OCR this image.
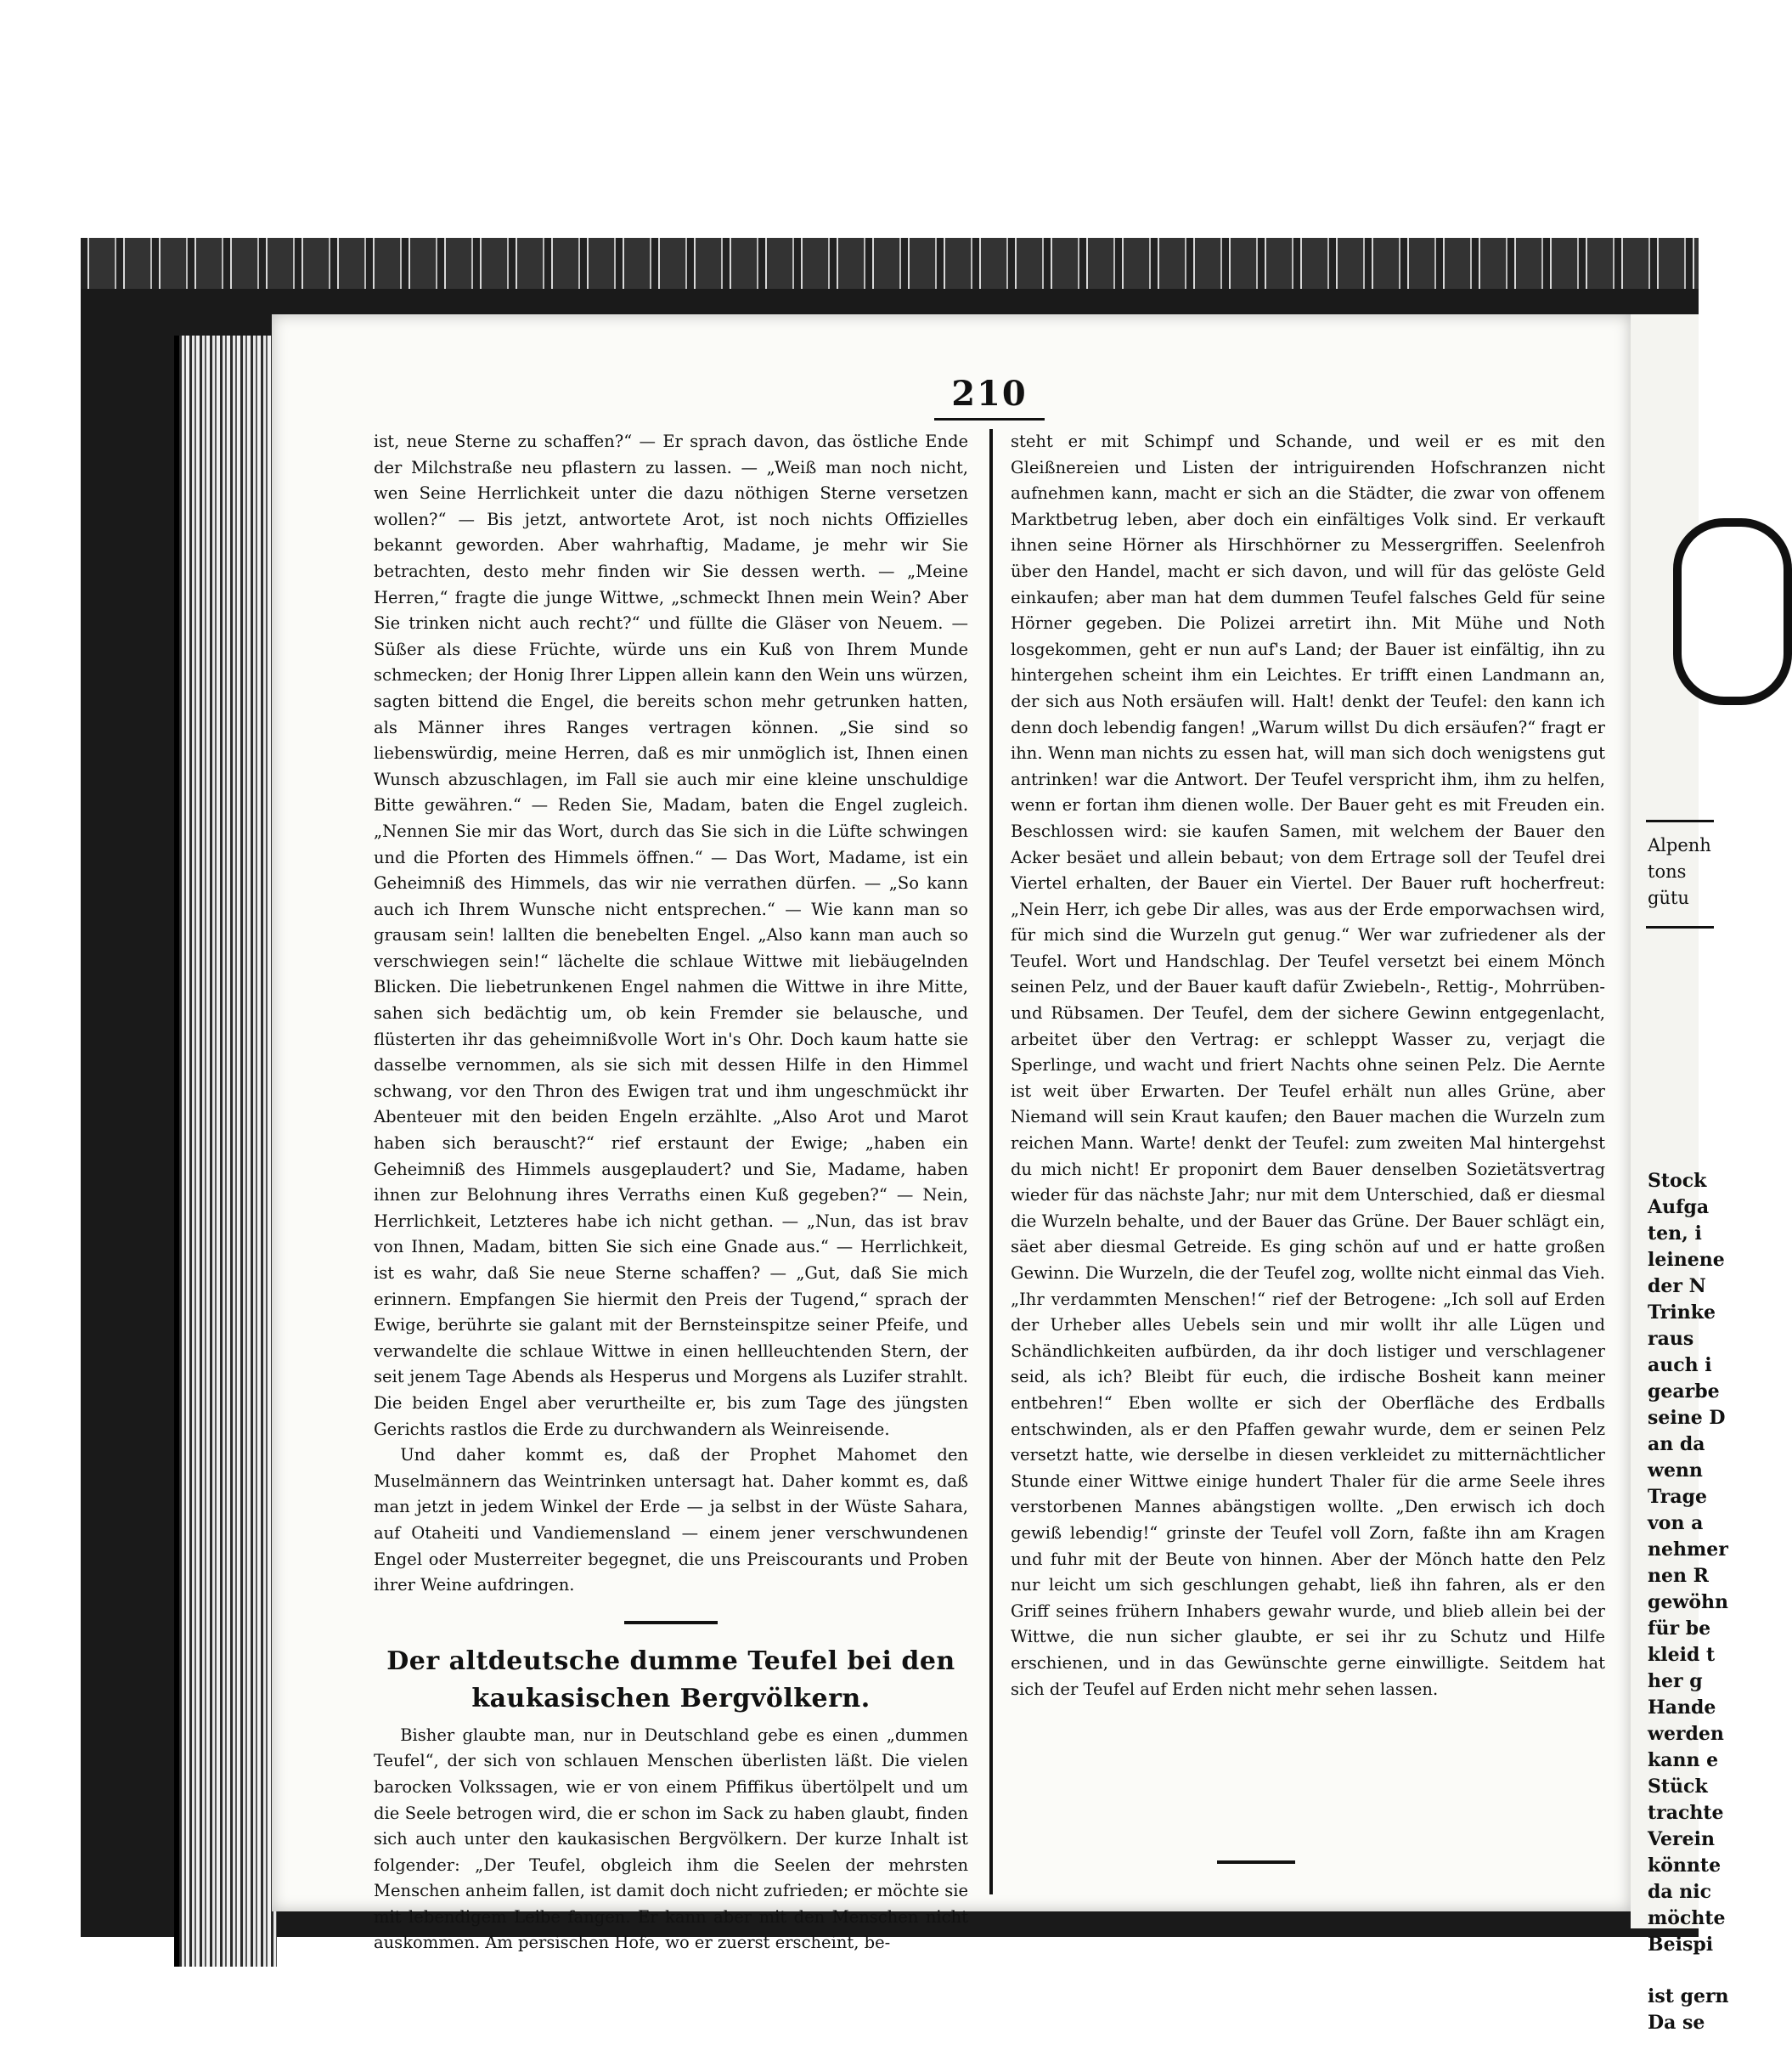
210

ist, neue Sterne zu schaffen?“ — Er sprach davon, das östliche Ende der Milchstraße neu pflastern zu lassen. — „Weiß man noch nicht, wen Seine Herrlichkeit unter die dazu nöthigen Sterne versetzen wollen?“ — Bis jetzt, antwortete Arot, ist noch nichts Offizielles bekannt geworden. Aber wahrhaftig, Madame, je mehr wir Sie betrachten, desto mehr finden wir Sie dessen werth. — „Meine Herren,“ fragte die junge Wittwe, „schmeckt Ihnen mein Wein? Aber Sie trinken nicht auch recht?“ und füllte die Gläser von Neuem. — Süßer als diese Früchte, würde uns ein Kuß von Ihrem Munde schmecken; der Honig Ihrer Lippen allein kann den Wein uns würzen, sagten bittend die Engel, die bereits schon mehr getrunken hatten, als Männer ihres Ranges vertragen können. „Sie sind so liebenswürdig, meine Herren, daß es mir unmöglich ist, Ihnen einen Wunsch abzuschlagen, im Fall sie auch mir eine kleine unschuldige Bitte gewähren.“ — Reden Sie, Madam, baten die Engel zugleich. „Nennen Sie mir das Wort, durch das Sie sich in die Lüfte schwingen und die Pforten des Himmels öffnen.“ — Das Wort, Madame, ist ein Geheimniß des Himmels, das wir nie verrathen dürfen. — „So kann auch ich Ihrem Wunsche nicht entsprechen.“ — Wie kann man so grausam sein! lallten die benebelten Engel. „Also kann man auch so verschwiegen sein!“ lächelte die schlaue Wittwe mit liebäugelnden Blicken. Die liebetrunkenen Engel nahmen die Wittwe in ihre Mitte, sahen sich bedächtig um, ob kein Fremder sie belausche, und flüsterten ihr das geheimnißvolle Wort in's Ohr. Doch kaum hatte sie dasselbe vernommen, als sie sich mit dessen Hilfe in den Himmel schwang, vor den Thron des Ewigen trat und ihm ungeschmückt ihr Abenteuer mit den beiden Engeln erzählte. „Also Arot und Marot haben sich berauscht?“ rief erstaunt der Ewige; „haben ein Geheimniß des Himmels ausgeplaudert? und Sie, Madame, haben ihnen zur Belohnung ihres Verraths einen Kuß gegeben?“ — Nein, Herrlichkeit, Letzteres habe ich nicht gethan. — „Nun, das ist brav von Ihnen, Madam, bitten Sie sich eine Gnade aus.“ — Herrlichkeit, ist es wahr, daß Sie neue Sterne schaffen? — „Gut, daß Sie mich erinnern. Empfangen Sie hiermit den Preis der Tugend,“ sprach der Ewige, berührte sie galant mit der Bernsteinspitze seiner Pfeife, und verwandelte die schlaue Wittwe in einen hellleuchtenden Stern, der seit jenem Tage Abends als Hesperus und Morgens als Luzifer strahlt. Die beiden Engel aber verurtheilte er, bis zum Tage des jüngsten Gerichts rastlos die Erde zu durchwandern als Weinreisende.

Und daher kommt es, daß der Prophet Mahomet den Muselmännern das Weintrinken untersagt hat. Daher kommt es, daß man jetzt in jedem Winkel der Erde — ja selbst in der Wüste Sahara, auf Otaheiti und Vandiemensland — einem jener verschwundenen Engel oder Musterreiter begegnet, die uns Preiscourants und Proben ihrer Weine aufdringen.

Der altdeutsche dumme Teufel bei den kaukasischen Bergvölkern.

Bisher glaubte man, nur in Deutschland gebe es einen „dummen Teufel“, der sich von schlauen Menschen überlisten läßt. Die vielen barocken Volkssagen, wie er von einem Pfiffikus übertölpelt und um die Seele betrogen wird, die er schon im Sack zu haben glaubt, finden sich auch unter den kaukasischen Bergvölkern. Der kurze Inhalt ist folgender: „Der Teufel, obgleich ihm die Seelen der mehrsten Menschen anheim fallen, ist damit doch nicht zufrieden; er möchte sie mit lebendigem Leibe fangen. Er kann aber mit den Menschen nicht auskommen. Am persischen Hofe, wo er zuerst erscheint, be-

steht er mit Schimpf und Schande, und weil er es mit den Gleißnereien und Listen der intriguirenden Hofschranzen nicht aufnehmen kann, macht er sich an die Städter, die zwar von offenem Marktbetrug leben, aber doch ein einfältiges Volk sind. Er verkauft ihnen seine Hörner als Hirschhörner zu Messergriffen. Seelenfroh über den Handel, macht er sich davon, und will für das gelöste Geld einkaufen; aber man hat dem dummen Teufel falsches Geld für seine Hörner gegeben. Die Polizei arretirt ihn. Mit Mühe und Noth losgekommen, geht er nun auf's Land; der Bauer ist einfältig, ihn zu hintergehen scheint ihm ein Leichtes. Er trifft einen Landmann an, der sich aus Noth ersäufen will. Halt! denkt der Teufel: den kann ich denn doch lebendig fangen! „Warum willst Du dich ersäufen?“ fragt er ihn. Wenn man nichts zu essen hat, will man sich doch wenigstens gut antrinken! war die Antwort. Der Teufel verspricht ihm, ihm zu helfen, wenn er fortan ihm dienen wolle. Der Bauer geht es mit Freuden ein. Beschlossen wird: sie kaufen Samen, mit welchem der Bauer den Acker besäet und allein bebaut; von dem Ertrage soll der Teufel drei Viertel erhalten, der Bauer ein Viertel. Der Bauer ruft hocherfreut: „Nein Herr, ich gebe Dir alles, was aus der Erde emporwachsen wird, für mich sind die Wurzeln gut genug.“ Wer war zufriedener als der Teufel. Wort und Handschlag. Der Teufel versetzt bei einem Mönch seinen Pelz, und der Bauer kauft dafür Zwiebeln-, Rettig-, Mohrrüben- und Rübsamen. Der Teufel, dem der sichere Gewinn entgegenlacht, arbeitet über den Vertrag: er schleppt Wasser zu, verjagt die Sperlinge, und wacht und friert Nachts ohne seinen Pelz. Die Aernte ist weit über Erwarten. Der Teufel erhält nun alles Grüne, aber Niemand will sein Kraut kaufen; den Bauer machen die Wurzeln zum reichen Mann. Warte! denkt der Teufel: zum zweiten Mal hintergehst du mich nicht! Er proponirt dem Bauer denselben Sozietätsvertrag wieder für das nächste Jahr; nur mit dem Unterschied, daß er diesmal die Wurzeln behalte, und der Bauer das Grüne. Der Bauer schlägt ein, säet aber diesmal Getreide. Es ging schön auf und er hatte großen Gewinn. Die Wurzeln, die der Teufel zog, wollte nicht einmal das Vieh. „Ihr verdammten Menschen!“ rief der Betrogene: „Ich soll auf Erden der Urheber alles Uebels sein und mir wollt ihr alle Lügen und Schändlichkeiten aufbürden, da ihr doch listiger und verschlagener seid, als ich? Bleibt für euch, die irdische Bosheit kann meiner entbehren!“ Eben wollte er sich der Oberfläche des Erdballs entschwinden, als er den Pfaffen gewahr wurde, dem er seinen Pelz versetzt hatte, wie derselbe in diesen verkleidet zu mitternächtlicher Stunde einer Wittwe einige hundert Thaler für die arme Seele ihres verstorbenen Mannes abängstigen wollte. „Den erwisch ich doch gewiß lebendig!“ grinste der Teufel voll Zorn, faßte ihn am Kragen und fuhr mit der Beute von hinnen. Aber der Mönch hatte den Pelz nur leicht um sich geschlungen gehabt, ließ ihn fahren, als er den Griff seines frühern Inhabers gewahr wurde, und blieb allein bei der Wittwe, die nun sicher glaubte, er sei ihr zu Schutz und Hilfe erschienen, und in das Gewünschte gerne einwilligte. Seitdem hat sich der Teufel auf Erden nicht mehr sehen lassen.

Alpenh
tons
gütu
Stock
Aufga
ten, i
leinene
der N
Trinke
raus
auch i
gearbe
seine D
an da
wenn
Trage
von a
nehmer
nen R
gewöhn
für be
kleid t
her g
Hande
werden
kann e
Stück
trachte
Verein
könnte
da nic
möchte
Beispi
ist gern
Da se
